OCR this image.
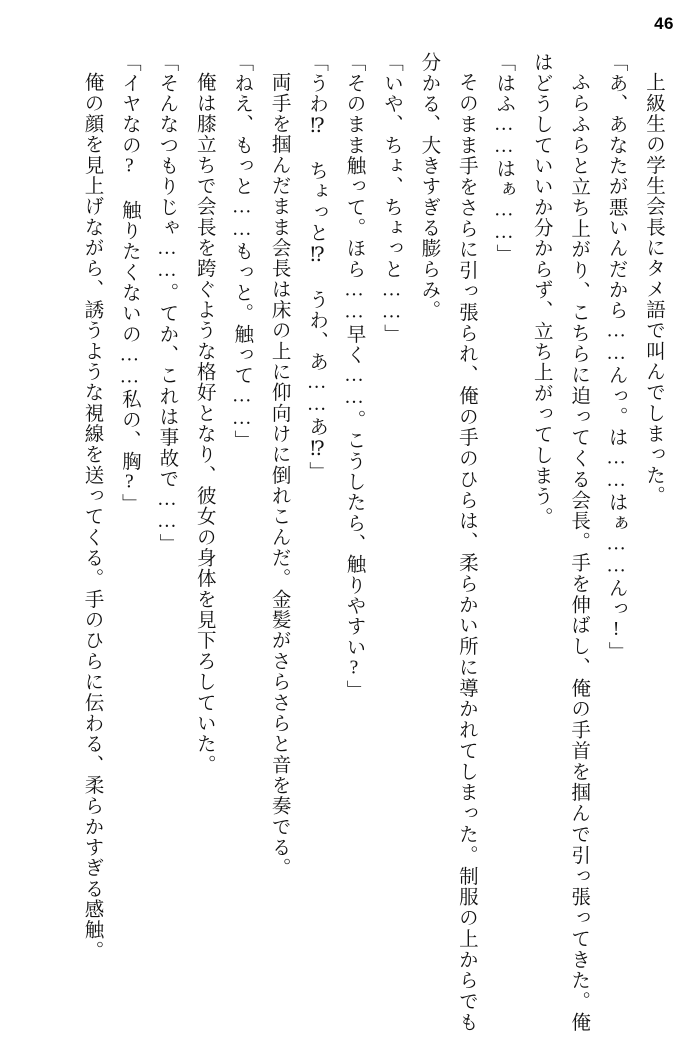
46

上級生の学生会長にタメ語で叫んでしまった。

「あ、あなたが悪いんだから……んっ。は……はぁ……んっ!」

ふらふらと立ち上がり、こちらに迫ってくる会長。手を伸ばし、俺の手首を掴んで引っ張ってきた。俺はどうしていいか分からず、立ち上がってしまう。

「はふ……はぁ……」

そのまま手をさらに引っ張られ、俺の手のひらは、柔らかい所に導かれてしまった。制服の上からでも分かる、大きすぎる膨らみ。

「いや、ちょ、ちょっと……」

「そのまま触って。ほら……早く……。こうしたら、触りやすい?」

「うわ⁉ ちょっと⁉ うわ、あ……あ⁉」

両手を掴んだまま会長は床の上に仰向けに倒れこんだ。金髪がさらさらと音を奏でる。

「ねえ、もっと……もっと。触って……」

俺は膝立ちで会長を跨ぐような格好となり、彼女の身体を見下ろしていた。

「そんなつもりじゃ……。てか、これは事故で……」

「イヤなの? 触りたくないの……私の、胸?」

俺の顔を見上げながら、誘うような視線を送ってくる。手のひらに伝わる、柔らかすぎる感触。
